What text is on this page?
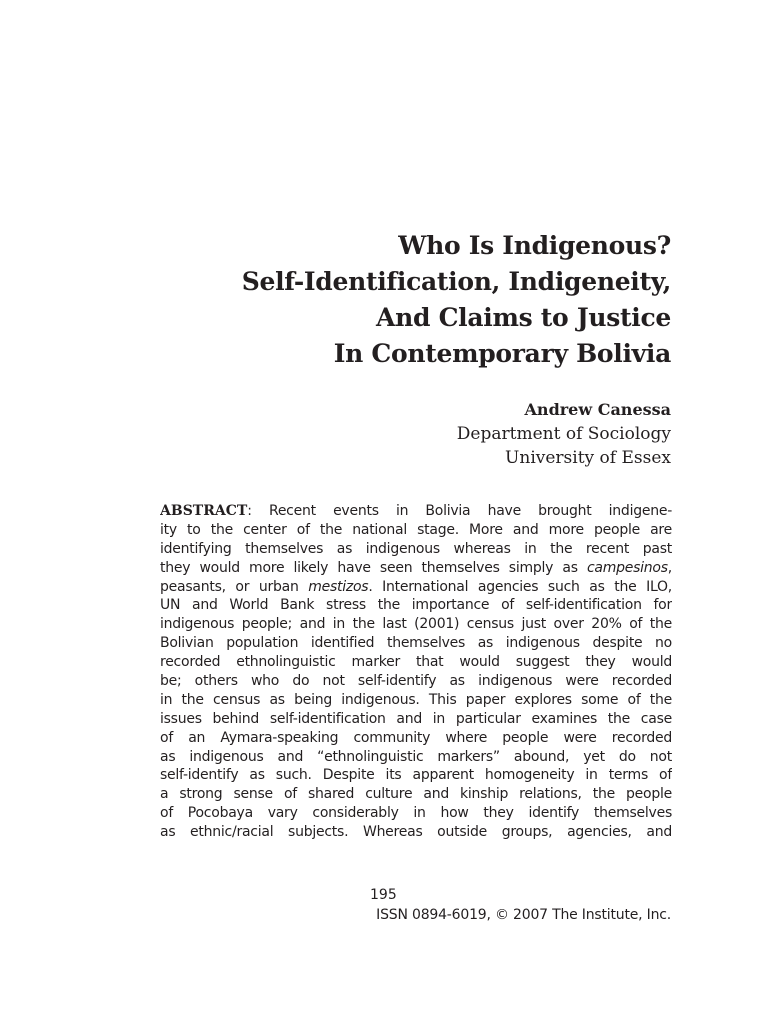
Who Is Indigenous?
Self-Identification, Indigeneity,
And Claims to Justice
In Contemporary Bolivia
Andrew Canessa
Department of Sociology
University of Essex
ABSTRACT: Recent events in Bolivia have brought indigene-
ity to the center of the national stage. More and more people are
identifying themselves as indigenous whereas in the recent past
they would more likely have seen themselves simply as campesinos,
peasants, or urban mestizos. International agencies such as the ILO,
UN and World Bank stress the importance of self-identification for
indigenous people; and in the last (2001) census just over 20% of the
Bolivian population identified themselves as indigenous despite no
recorded ethnolinguistic marker that would suggest they would
be; others who do not self-identify as indigenous were recorded
in the census as being indigenous. This paper explores some of the
issues behind self-identification and in particular examines the case
of an Aymara-speaking community where people were recorded
as indigenous and “ethnolinguistic markers” abound, yet do not
self-identify as such. Despite its apparent homogeneity in terms of
a strong sense of shared culture and kinship relations, the people
of Pocobaya vary considerably in how they identify themselves
as ethnic/racial subjects. Whereas outside groups, agencies, and
195
ISSN 0894-6019, © 2007 The Institute, Inc.
